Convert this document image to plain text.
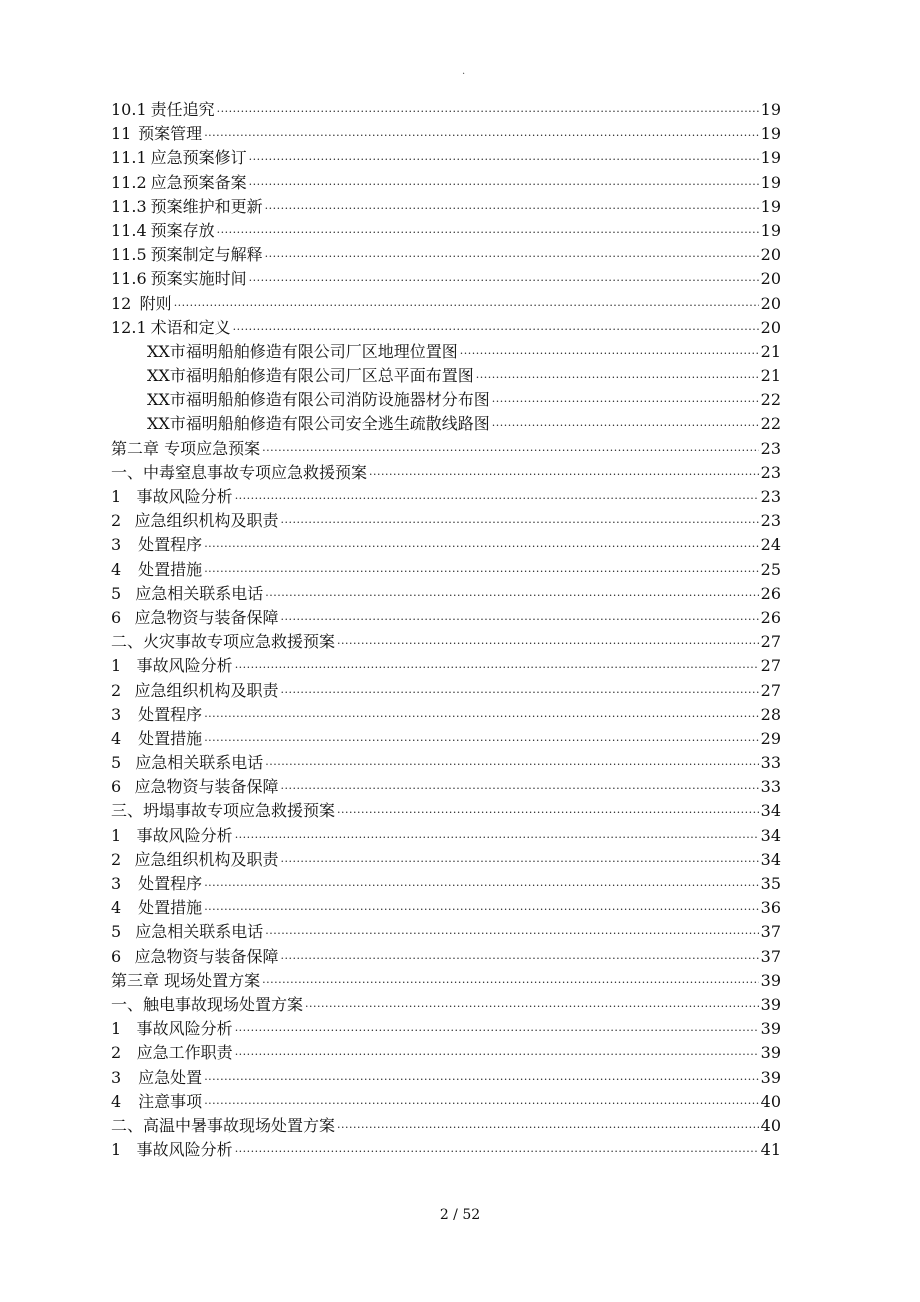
.
10.1 责任追究 ·····	19
11 预案管理 ·····	19
11.1 应急预案修订 ·····	19
11.2 应急预案备案 ·····	19
11.3 预案维护和更新 ·····	19
11.4 预案存放 ·····	19
11.5 预案制定与解释 ·····	20
11.6 预案实施时间 ·····	20
12 附则 ·····	20
12.1 术语和定义 ·····	20
XX市福明船舶修造有限公司厂区地理位置图 ·····	21
XX市福明船舶修造有限公司厂区总平面布置图 ·····	21
XX市福明船舶修造有限公司消防设施器材分布图 ·····	22
XX市福明船舶修造有限公司安全逃生疏散线路图 ·····	22
第二章 专项应急预案 ·····	23
一、中毒窒息事故专项应急救援预案 ·····	23
1 事故风险分析 ·····	23
2 应急组织机构及职责 ·····	23
3	处置程序 ·····	24
4	处置措施 ·····	25
5 应急相关联系电话 ·····	26
6 应急物资与装备保障 ·····	26
二、火灾事故专项应急救援预案 ·····	27
1 事故风险分析 ·····	27
2 应急组织机构及职责 ·····	27
3	处置程序 ·····	28
4	处置措施 ·····	29
5 应急相关联系电话 ·····	33
6 应急物资与装备保障 ·····	33
三、坍塌事故专项应急救援预案 ·····	34
1 事故风险分析 ·····	34
2 应急组织机构及职责 ·····	34
3	处置程序 ·····	35
4	处置措施 ·····	36
5 应急相关联系电话 ·····	37
6 应急物资与装备保障 ·····	37
第三章 现场处置方案 ·····	39
一、触电事故现场处置方案 ·····	39
1 事故风险分析 ·····	39
2 应急工作职责 ·····	39
3	应急处置 ·····	39
4	注意事项 ·····	40
二、高温中暑事故现场处置方案 ·····	40
1 事故风险分析 ·····	41
2 / 52
